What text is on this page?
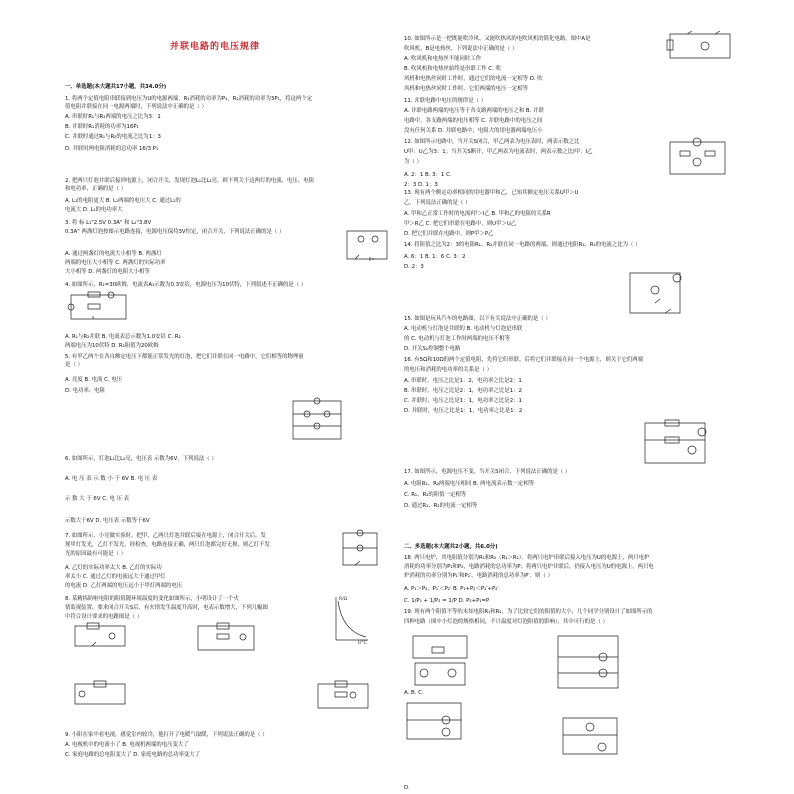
并联电路的电压规律
一、单选题(本大题共17小题，共34.0分)
1. 将两个定值电阻串联接到电压为U的电源两端，R₁消耗的功率为P₁，R₂消耗的功率为3P₁，将这两个定
值电阻并联接在同一电源两端时，下列说法中正确的是（ ）
A. 串联时R₁与R₂两端的电压之比为3：1
B. 并联时R₁消耗的功率为16P₁
C. 并联时通过R₁与R₂的电流之比为1：3
D. 并联时两电阻消耗的总功率 16/3 P₁
2. 把两只灯泡并联后接到电源上，闭合开关，发现灯泡L₁比L₂亮，则下列关于这两灯的电流、电压、电阻
和电功率，正确的是（ ）
A. L₁的电阻更大 B. L₁两端的电压大 C. 通过L₁的
电流大 D. L₁的电功率大
3. 将 标 L₁"2.5V 0.3A" 和 L₂"3.8V
0.3A" 两盏灯泡按图示电路连接，电源电压保持3V恒定，闭合开关，下列说法正确的是（ ）
A. 通过两盏灯的电流大小相等 B. 两盏灯
两端的电压大小相等 C. 两盏灯的实际功率
大小相等 D. 两盏灯的电阻大小相等
4. 如图所示，R₁=30欧姆，电流表A₁示数为0.3安培，电源电压为10伏特，下列叙述不正确的是（ ）
A. R₁与R₂并联 B. 电流表总示数为1.0安培 C. R₂
两端电压为10伏特 D. R₂阻值为20欧姆
5. 有甲乙两个在各自额定电压下都能正常发光的灯泡，把它们并联在同一电路中，它们相等的物理量
是（ ）
A. 亮度 B. 电流 C. 电压
D. 电功率、电阻
6. 如图所示，灯泡L₁比L₂亮，电压表 示数为6V，下列说法（ ）
A. 电 压 表 示 数 小 于 6V B. 电 压 表
示 数 大 于 6V C. 电 压 表
示数大于6V D. 电压表 示数等于6V
7. 如图所示，小亮做实验时，把甲、乙两只灯泡并联后接在电源上，闭合开关后，发
现甲灯发光，乙灯不发光，经检查，电路连接正确，两只灯泡都完好无损，则乙灯不发
光的原因最有可能是（ ）
A. 乙灯的实际功率太大 B. 乙灯的实际功
率太小 C. 通过乙灯的电流远大于通过甲灯
的电流 D. 乙灯两端的电压远小于甲灯两端的电压
8. 某精拣防啦电阻的阻值随环境温度的变化如图所示，小明设计了一个火
情监视装置，要求闭合开关S后，有火情发生温度升高时，电表示数增大，下列几幅图
中符合设计要求的电路图是（ ）
9. 小阳在家中看电视，感觉室内较冷，他打开了电暖气取暖，下列说法正确的是（ ）
A. 电视机中的电流小了 B. 电视机两端的电压变大了
C. 家庭电路的总电阻变大了 D. 家庭电路的总功率变大了
10. 如图所示是一把既能吹冷风、又能吹热风的电吹风机的简化电路，图中A是
吹风机，B是电热丝，下列说法中正确的是（ ）
A. 吹风机和电热丝不能同时工作
B. 吹风机和电热丝始终是串联工作 C. 吹
风机和电热丝同时工作时，通过它们的电流一定相等 D. 吹
风机和电热丝同时工作时，它们两端的电压一定相等
11. 并联电路中电压的规律是（ ）
A. 并联电路两端的电压等于各支路两端的电压之和 B. 并联
电路中，各支路两端的电压相等 C. 并联电路中的电压之间
没有任何关系 D. 并联电路中，电阻大的用电器两端电压小
12. 如图所示电路中，当开关S闭合，甲乙两表为电压表时，两表示数之比
U甲：U乙为3：1；当开关S断开，甲乙两表为电流表时，两表示数之比I甲：I乙
为（ ）
A. 2：1 B. 3：1 C.
2：3 D. 1：3
13. 现有两个额定功率相同的用电器甲和乙，已知其额定电压关系U甲＞U
乙，下列说法正确的是（ ）
A. 甲和乙正常工作时的电流I甲＞I乙 B. 甲和乙的电阻的关系R
甲＞R乙 C. 把它们串联在电路中，则U甲＞U乙
D. 把它们并联在电路中，则P甲＞P乙
14. 将阻值之比为2：3的电阻R₁、R₂并联在同一电路的两端，则通过电阻R₁、R₂的电流之比为（ ）
A. 6：1 B. 1：6 C. 3：2
D. 2：3
15. 如图是玩具汽车的电路图，以下有关说法中正确的是（ ）
A. 电动机与灯泡是并联的 B. 电动机与灯泡是串联
的 C. 电动机与灯泡工作时两端的电压不相等
D. 开关S₂控制整个电路
16. 有5Ω和10Ω的两个定值电阻，先将它们串联，后将它们并联接在同一个电源上，则关于它们两端
的电压和消耗的电功率的关系是（ ）
A. 串联时，电压之比是1：2，电功率之比是2：1
B. 串联时，电压之比是2：1，电功率之比是1：2
C. 并联时，电压之比是1：1，电功率之比是2：1
D. 并联时，电压之比是1：1，电功率之比是1：2
17. 如图所示，电源电压不变，当开关S闭合，下列说法正确的是（ ）
A. 电阻R₁、R₂两端电压相同 B. 两电流表示数一定相等
C. R₁、R₂的阻值一定相等
D. 通过R₁、R₂的电流一定相等
二、多选题(本大题共2小题，共6.0分)
18. 两只电炉，其电阻值分别为R₁和R₂（R₁＞R₂）．将两只电炉串联后接入电压为U的电源上，两只电炉
消耗的功率分别为P₁和P₂，电路消耗的总功率为P；将两只电炉并联后，仍接入电压为U的电源上，两只电
炉消耗的功率分别为P₁′和P₂′，电路消耗的总功率为P′．则（ ）
A. P₁＞P₂，P₁′＜P₂′ B. P₁+P₂＜P₁′+P₂′
C. 1/P₁ + 1/P₂ = 1/P D. P₂+P₁=P
19. 现有两个阻值不等的未知电阻R₁和R₂，为了比较它们的阻值的大小，几个同学分别设计了如图所示的
四种电路（图中小灯泡的规格相同，不计温度对灯泡阻值的影响），其中可行的是（ ）
A. B. C.
D.
R/Ω
t/°C
